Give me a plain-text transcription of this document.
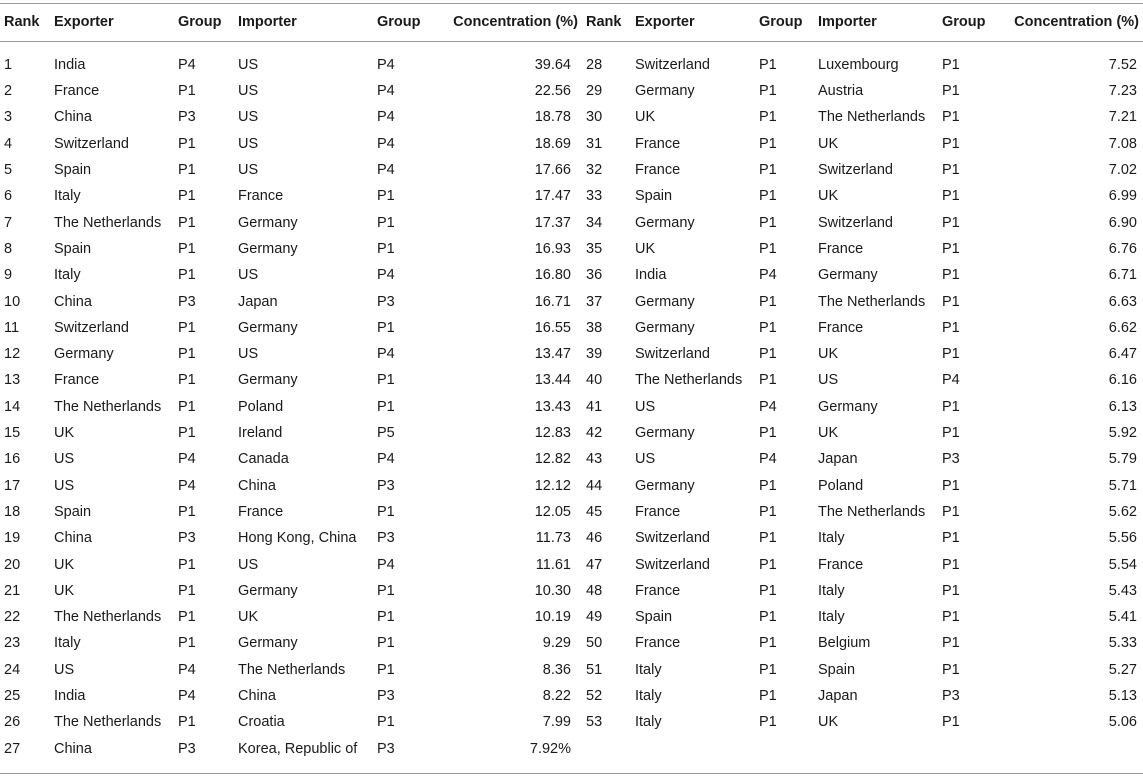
Rank	Exporter	Group	Importer	Group	Concentration (%)	Rank	Exporter	Group	Importer	Group	Concentration (%)
1	India	P4	US	P4	39.64	28	Switzerland	P1	Luxembourg	P1	7.52
2	France	P1	US	P4	22.56	29	Germany	P1	Austria	P1	7.23
3	China	P3	US	P4	18.78	30	UK	P1	The Netherlands	P1	7.21
4	Switzerland	P1	US	P4	18.69	31	France	P1	UK	P1	7.08
5	Spain	P1	US	P4	17.66	32	France	P1	Switzerland	P1	7.02
6	Italy	P1	France	P1	17.47	33	Spain	P1	UK	P1	6.99
7	The Netherlands	P1	Germany	P1	17.37	34	Germany	P1	Switzerland	P1	6.90
8	Spain	P1	Germany	P1	16.93	35	UK	P1	France	P1	6.76
9	Italy	P1	US	P4	16.80	36	India	P4	Germany	P1	6.71
10	China	P3	Japan	P3	16.71	37	Germany	P1	The Netherlands	P1	6.63
11	Switzerland	P1	Germany	P1	16.55	38	Germany	P1	France	P1	6.62
12	Germany	P1	US	P4	13.47	39	Switzerland	P1	UK	P1	6.47
13	France	P1	Germany	P1	13.44	40	The Netherlands	P1	US	P4	6.16
14	The Netherlands	P1	Poland	P1	13.43	41	US	P4	Germany	P1	6.13
15	UK	P1	Ireland	P5	12.83	42	Germany	P1	UK	P1	5.92
16	US	P4	Canada	P4	12.82	43	US	P4	Japan	P3	5.79
17	US	P4	China	P3	12.12	44	Germany	P1	Poland	P1	5.71
18	Spain	P1	France	P1	12.05	45	France	P1	The Netherlands	P1	5.62
19	China	P3	Hong Kong, China	P3	11.73	46	Switzerland	P1	Italy	P1	5.56
20	UK	P1	US	P4	11.61	47	Switzerland	P1	France	P1	5.54
21	UK	P1	Germany	P1	10.30	48	France	P1	Italy	P1	5.43
22	The Netherlands	P1	UK	P1	10.19	49	Spain	P1	Italy	P1	5.41
23	Italy	P1	Germany	P1	9.29	50	France	P1	Belgium	P1	5.33
24	US	P4	The Netherlands	P1	8.36	51	Italy	P1	Spain	P1	5.27
25	India	P4	China	P3	8.22	52	Italy	P1	Japan	P3	5.13
26	The Netherlands	P1	Croatia	P1	7.99	53	Italy	P1	UK	P1	5.06
27	China	P3	Korea, Republic of	P3	7.92%						
